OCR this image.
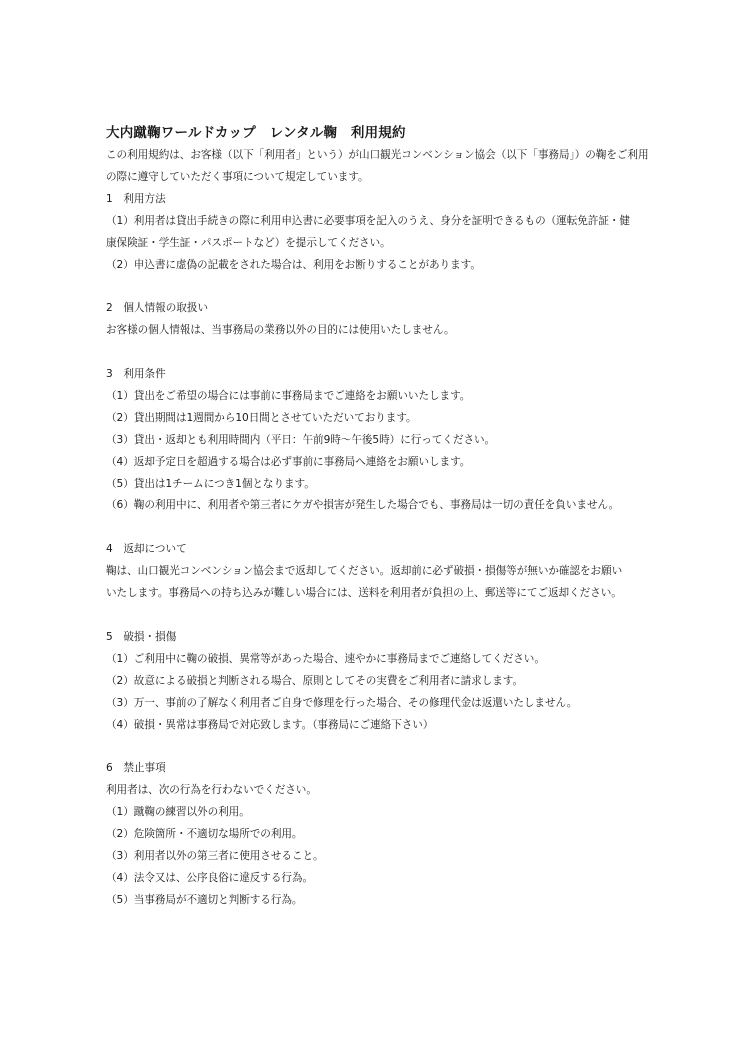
大内蹴鞠ワールドカップ　レンタル鞠　利用規約
この利用規約は、お客様（以下「利用者」という）が山口観光コンベンション協会（以下「事務局」）の鞠をご利用
の際に遵守していただく事項について規定しています。
1　利用方法
（1）利用者は貸出手続きの際に利用申込書に必要事項を記入のうえ、身分を証明できるもの（運転免許証・健
康保険証・学生証・パスポートなど）を提示してください。
（2）申込書に虚偽の記載をされた場合は、利用をお断りすることがあります。
2　個人情報の取扱い
お客様の個人情報は、当事務局の業務以外の目的には使用いたしません。
3　利用条件
（1）貸出をご希望の場合には事前に事務局までご連絡をお願いいたします。
（2）貸出期間は1週間から10日間とさせていただいております。
（3）貸出・返却とも利用時間内（平日：午前9時～午後5時）に行ってください。
（4）返却予定日を超過する場合は必ず事前に事務局へ連絡をお願いします。
（5）貸出は1チームにつき1個となります。
（6）鞠の利用中に、利用者や第三者にケガや損害が発生した場合でも、事務局は一切の責任を負いません。
4　返却について
鞠は、山口観光コンベンション協会まで返却してください。返却前に必ず破損・損傷等が無いか確認をお願い
いたします。事務局への持ち込みが難しい場合には、送料を利用者が負担の上、郵送等にてご返却ください。
5　破損・損傷
（1）ご利用中に鞠の破損、異常等があった場合、速やかに事務局までご連絡してください。
（2）故意による破損と判断される場合、原則としてその実費をご利用者に請求します。
（3）万一、事前の了解なく利用者ご自身で修理を行った場合、その修理代金は返還いたしません。
（4）破損・異常は事務局で対応致します。（事務局にご連絡下さい）
6　禁止事項
利用者は、次の行為を行わないでください。
（1）蹴鞠の練習以外の利用。
（2）危険箇所・不適切な場所での利用。
（3）利用者以外の第三者に使用させること。
（4）法令又は、公序良俗に違反する行為。
（5）当事務局が不適切と判断する行為。
